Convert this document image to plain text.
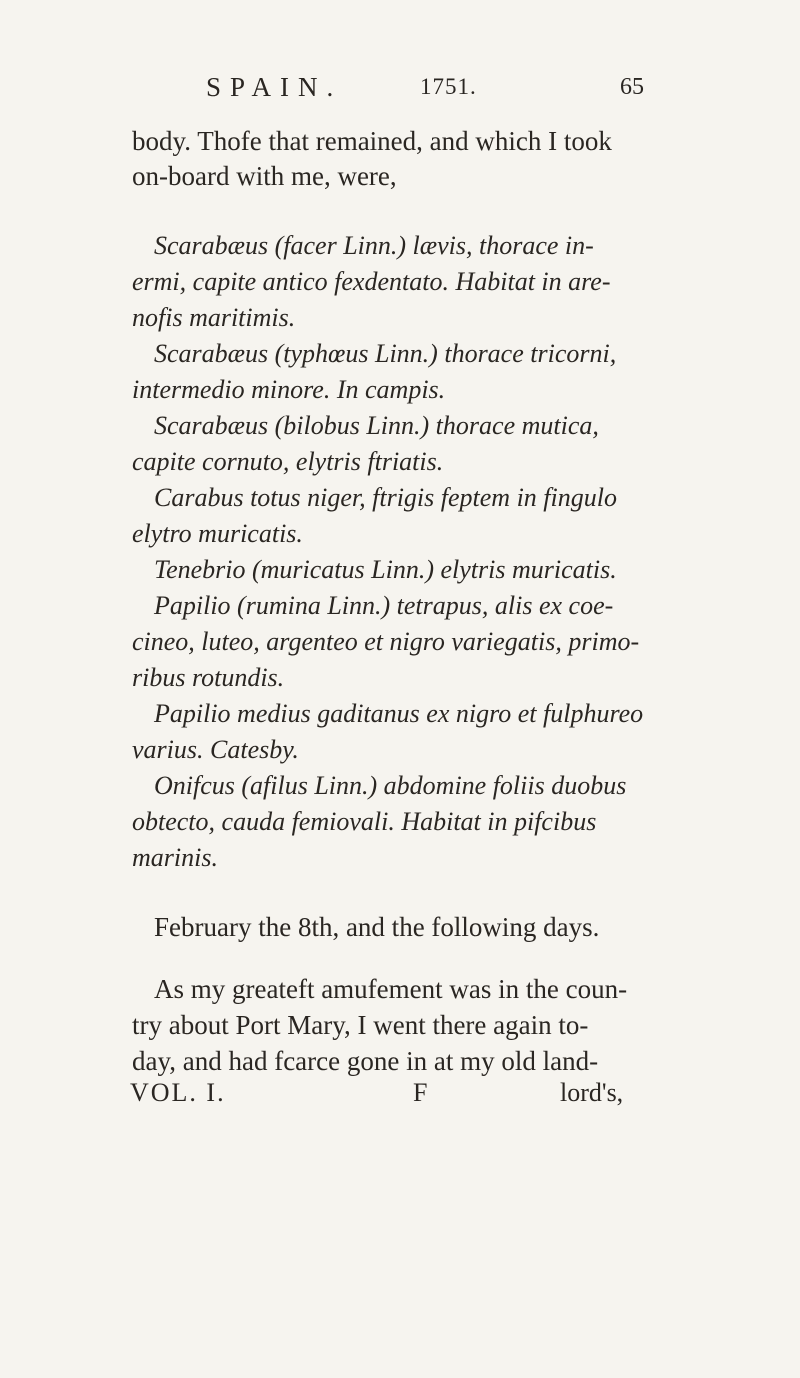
SPAIN.	1751.	65
body. Thofe that remained, and which I took
on-board with me, were,
Scarabæus (facer Linn.) lævis, thorace in-
ermi, capite antico fexdentato. Habitat in are-
nofis maritimis.
Scarabæus (typhœus Linn.) thorace tricorni,
intermedio minore. In campis.
Scarabæus (bilobus Linn.) thorace mutica,
capite cornuto, elytris ftriatis.
Carabus totus niger, ftrigis feptem in fingulo
elytro muricatis.
Tenebrio (muricatus Linn.) elytris muricatis.
Papilio (rumina Linn.) tetrapus, alis ex coe-
cineo, luteo, argenteo et nigro variegatis, primo-
ribus rotundis.
Papilio medius gaditanus ex nigro et fulphureo
varius. Catesby.
Onifcus (afilus Linn.) abdomine foliis duobus
obtecto, cauda femiovali. Habitat in pifcibus
marinis.
February the 8th, and the following days.
As my greateft amufement was in the coun-
try about Port Mary, I went there again to-
day, and had fcarce gone in at my old land-
VOL. I.	F	lord's,
